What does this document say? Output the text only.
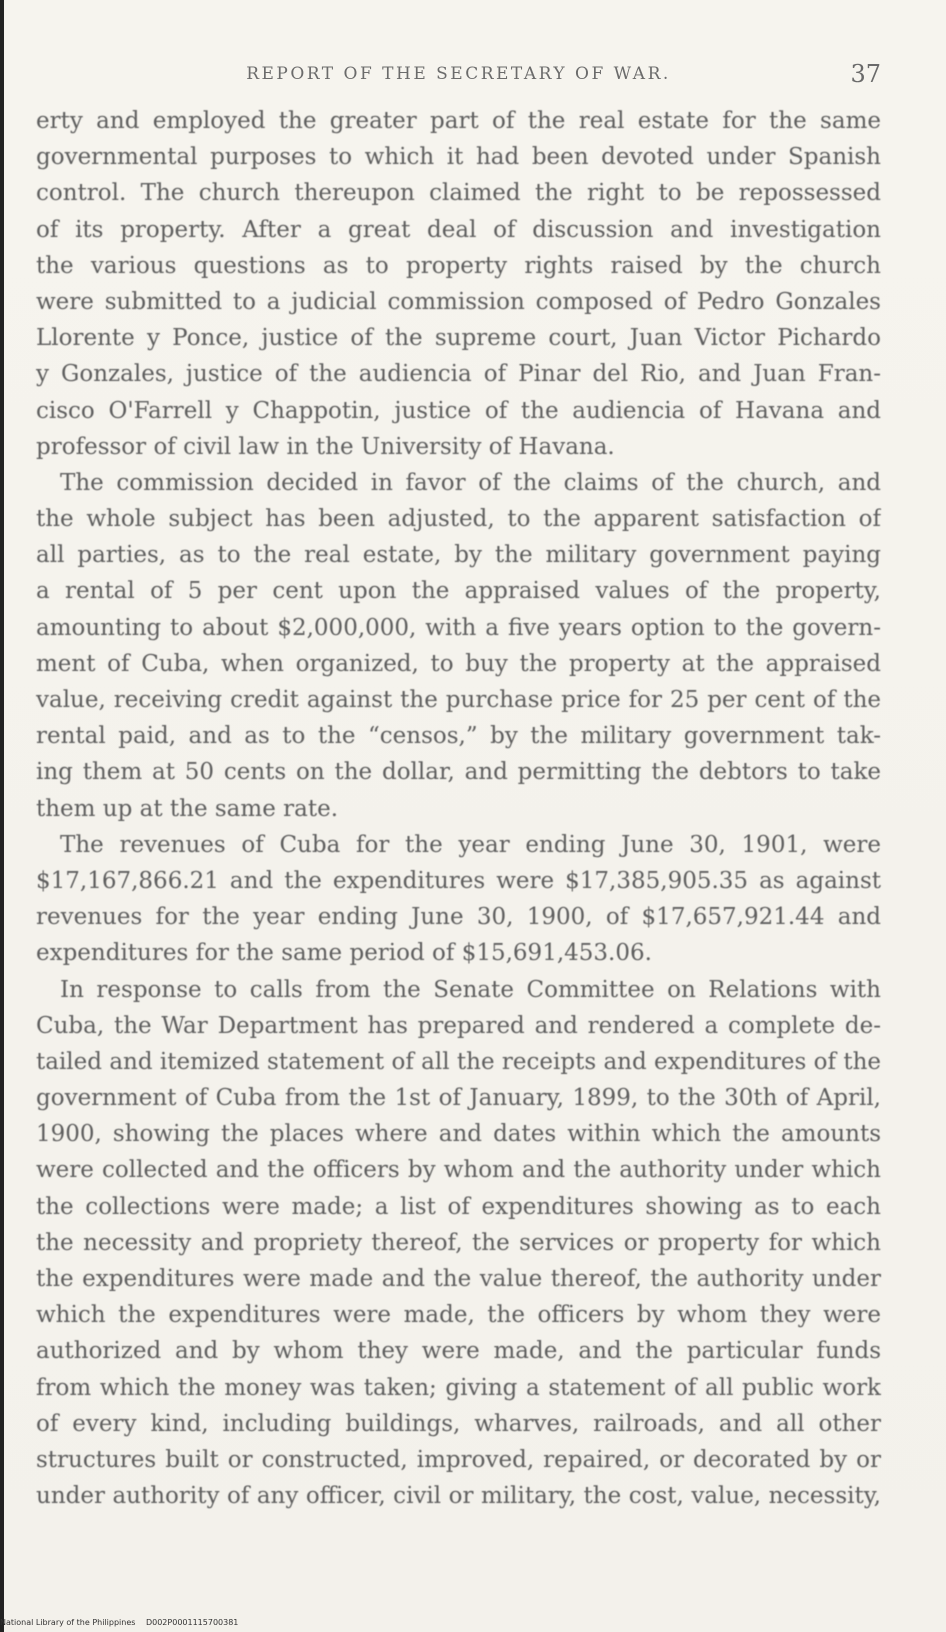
REPORT OF THE SECRETARY OF WAR.	37
erty and employed the greater part of the real estate for the same
governmental purposes to which it had been devoted under Spanish
control. The church thereupon claimed the right to be repossessed
of its property. After a great deal of discussion and investigation
the various questions as to property rights raised by the church
were submitted to a judicial commission composed of Pedro Gonzales
Llorente y Ponce, justice of the supreme court, Juan Victor Pichardo
y Gonzales, justice of the audiencia of Pinar del Rio, and Juan Fran-
cisco O'Farrell y Chappotin, justice of the audiencia of Havana and
professor of civil law in the University of Havana.
The commission decided in favor of the claims of the church, and
the whole subject has been adjusted, to the apparent satisfaction of
all parties, as to the real estate, by the military government paying
a rental of 5 per cent upon the appraised values of the property,
amounting to about $2,000,000, with a five years option to the govern-
ment of Cuba, when organized, to buy the property at the appraised
value, receiving credit against the purchase price for 25 per cent of the
rental paid, and as to the “censos,” by the military government tak-
ing them at 50 cents on the dollar, and permitting the debtors to take
them up at the same rate.
The revenues of Cuba for the year ending June 30, 1901, were
$17,167,866.21 and the expenditures were $17,385,905.35 as against
revenues for the year ending June 30, 1900, of $17,657,921.44 and
expenditures for the same period of $15,691,453.06.
In response to calls from the Senate Committee on Relations with
Cuba, the War Department has prepared and rendered a complete de-
tailed and itemized statement of all the receipts and expenditures of the
government of Cuba from the 1st of January, 1899, to the 30th of April,
1900, showing the places where and dates within which the amounts
were collected and the officers by whom and the authority under which
the collections were made; a list of expenditures showing as to each
the necessity and propriety thereof, the services or property for which
the expenditures were made and the value thereof, the authority under
which the expenditures were made, the officers by whom they were
authorized and by whom they were made, and the particular funds
from which the money was taken; giving a statement of all public work
of every kind, including buildings, wharves, railroads, and all other
structures built or constructed, improved, repaired, or decorated by or
under authority of any officer, civil or military, the cost, value, necessity,
National Library of the Philippines D002P0001115700381
